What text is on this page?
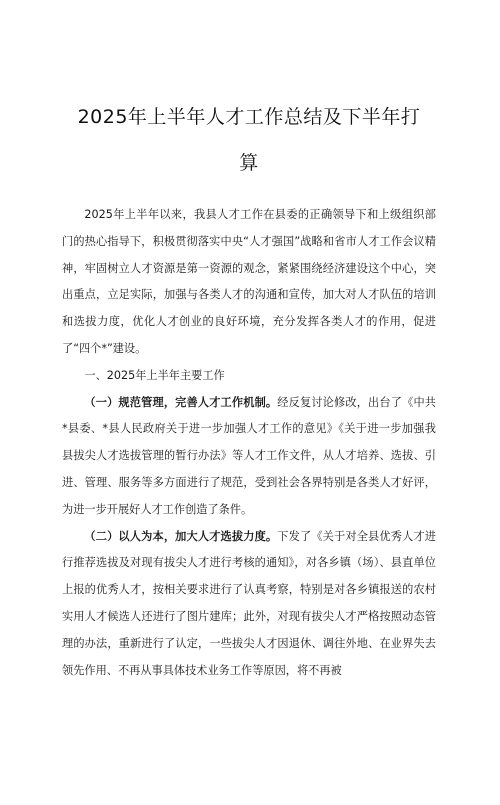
2025年上半年人才工作总结及下半年打
算

2025年上半年以来，我县人才工作在县委的正确领导下和上级组织部门的热心指导下，积极贯彻落实中央“人才强国”战略和省市人才工作会议精神，牢固树立人才资源是第一资源的观念，紧紧围绕经济建设这个中心，突出重点，立足实际，加强与各类人才的沟通和宣传，加大对人才队伍的培训和选拔力度，优化人才创业的良好环境，充分发挥各类人才的作用，促进了“四个*”建设。

一、2025年上半年主要工作

（一）规范管理，完善人才工作机制。经反复讨论修改，出台了《中共*县委、*县人民政府关于进一步加强人才工作的意见》《关于进一步加强我县拔尖人才选拔管理的暂行办法》等人才工作文件，从人才培养、选拔、引进、管理、服务等多方面进行了规范，受到社会各界特别是各类人才好评，为进一步开展好人才工作创造了条件。

（二）以人为本，加大人才选拔力度。下发了《关于对全县优秀人才进行推荐选拔及对现有拔尖人才进行考核的通知》，对各乡镇（场）、县直单位上报的优秀人才，按相关要求进行了认真考察，特别是对各乡镇报送的农村实用人才候选人还进行了图片建库；此外，对现有拔尖人才严格按照动态管理的办法，重新进行了认定，一些拔尖人才因退休、调往外地、在业界失去领先作用、不再从事具体技术业务工作等原因，将不再被
